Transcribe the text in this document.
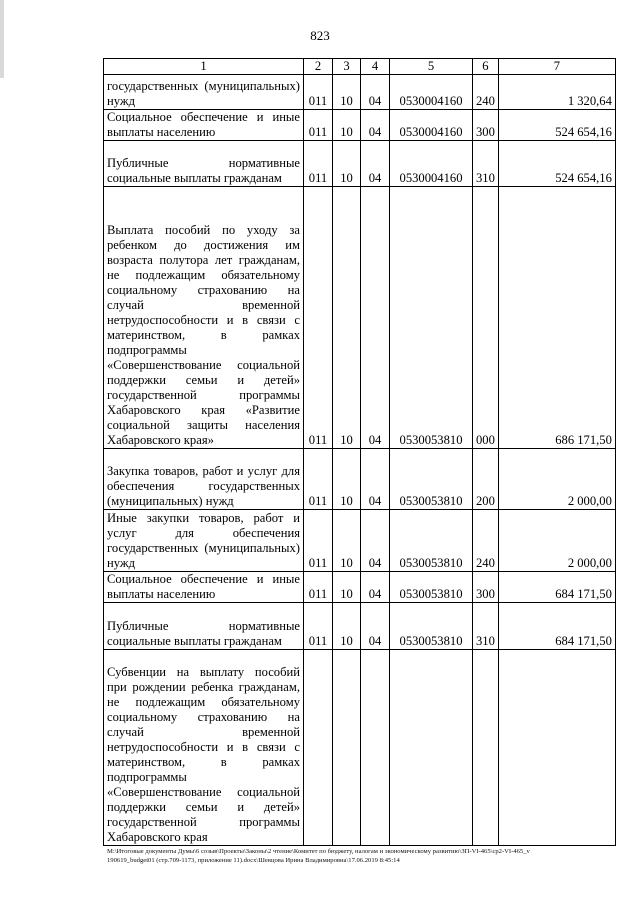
823
1	2	3	4	5	6	7
государственных (муниципальных) нужд	011	10	04	0530004160	240	1 320,64
Социальное обеспечение и иные выплаты населению	011	10	04	0530004160	300	524 654,16
Публичные нормативные социальные выплаты гражданам	011	10	04	0530004160	310	524 654,16
Выплата пособий по уходу за ребенком до достижения им возраста полутора лет гражданам, не подлежащим обязательному социальному страхованию на случай временной нетрудоспособности и в связи с материнством, в рамках подпрограммы «Совершенствование социальной поддержки семьи и детей» государственной программы Хабаровского края «Развитие социальной защиты населения Хабаровского края»	011	10	04	0530053810	000	686 171,50
Закупка товаров, работ и услуг для обеспечения государственных (муниципальных) нужд	011	10	04	0530053810	200	2 000,00
Иные закупки товаров, работ и услуг для обеспечения государственных (муниципальных) нужд	011	10	04	0530053810	240	2 000,00
Социальное обеспечение и иные выплаты населению	011	10	04	0530053810	300	684 171,50
Публичные нормативные социальные выплаты гражданам	011	10	04	0530053810	310	684 171,50
Субвенции на выплату пособий при рождении ребенка гражданам, не подлежащим обязательному социальному страхованию на случай временной нетрудоспособности и в связи с материнством, в рамках подпрограммы «Совершенствование социальной поддержки семьи и детей» государственной программы Хабаровского края						
M:\Итоговые документы Думы\6 созыв\Проекты\Законы\2 чтение\Комитет по бюджету, налогам и экономическому развитию\ЗП-VI-465\ср2-VI-465_v190619_budget01 (стр.709-1173, приложение 11).docx\Шевцова Ирина Владимировна\17.06.2019 8:45:14
